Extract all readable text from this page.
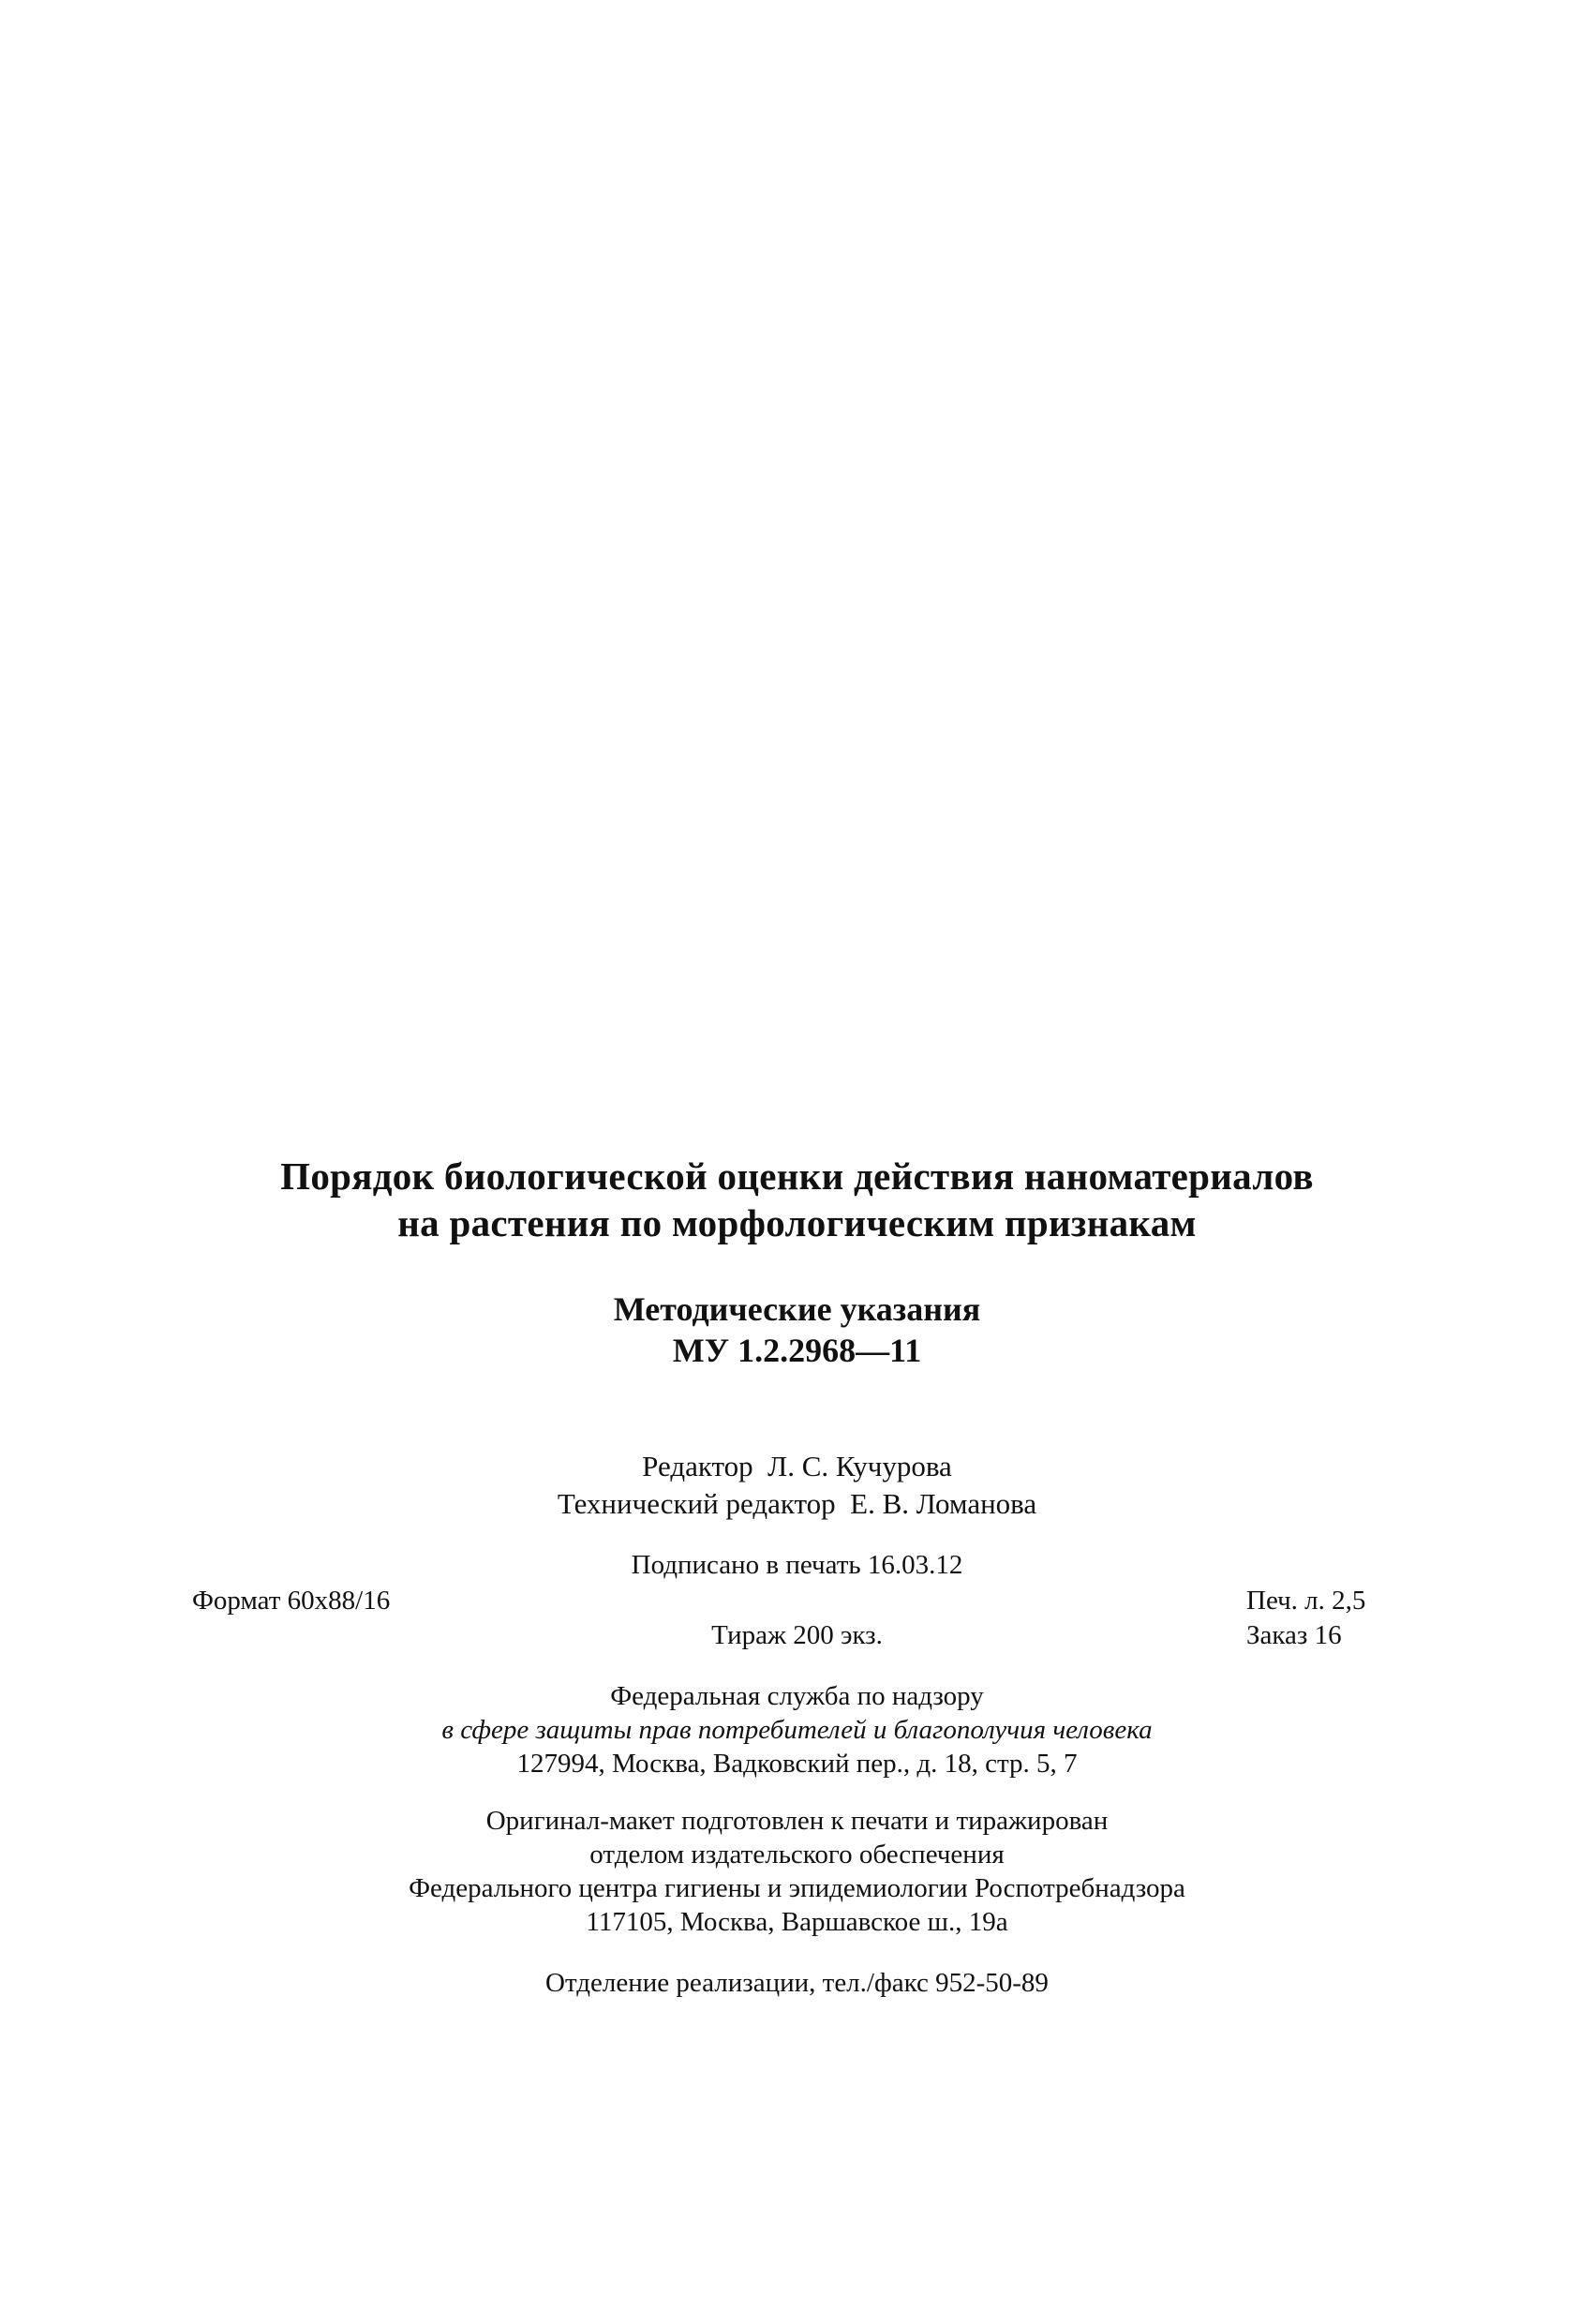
Порядок биологической оценки действия наноматериалов
на растения по морфологическим признакам
Методические указания
МУ 1.2.2968—11
Редактор  Л. С. Кучурова
Технический редактор  Е. В. Ломанова
Подписано в печать 16.03.12
Формат 60x88/16	Печ. л. 2,5
Тираж 200 экз.	Заказ 16
Федеральная служба по надзору
в сфере защиты прав потребителей и благополучия человека
127994, Москва, Вадковский пер., д. 18, стр. 5, 7
Оригинал-макет подготовлен к печати и тиражирован
отделом издательского обеспечения
Федерального центра гигиены и эпидемиологии Роспотребнадзора
117105, Москва, Варшавское ш., 19а
Отделение реализации, тел./факс 952-50-89
